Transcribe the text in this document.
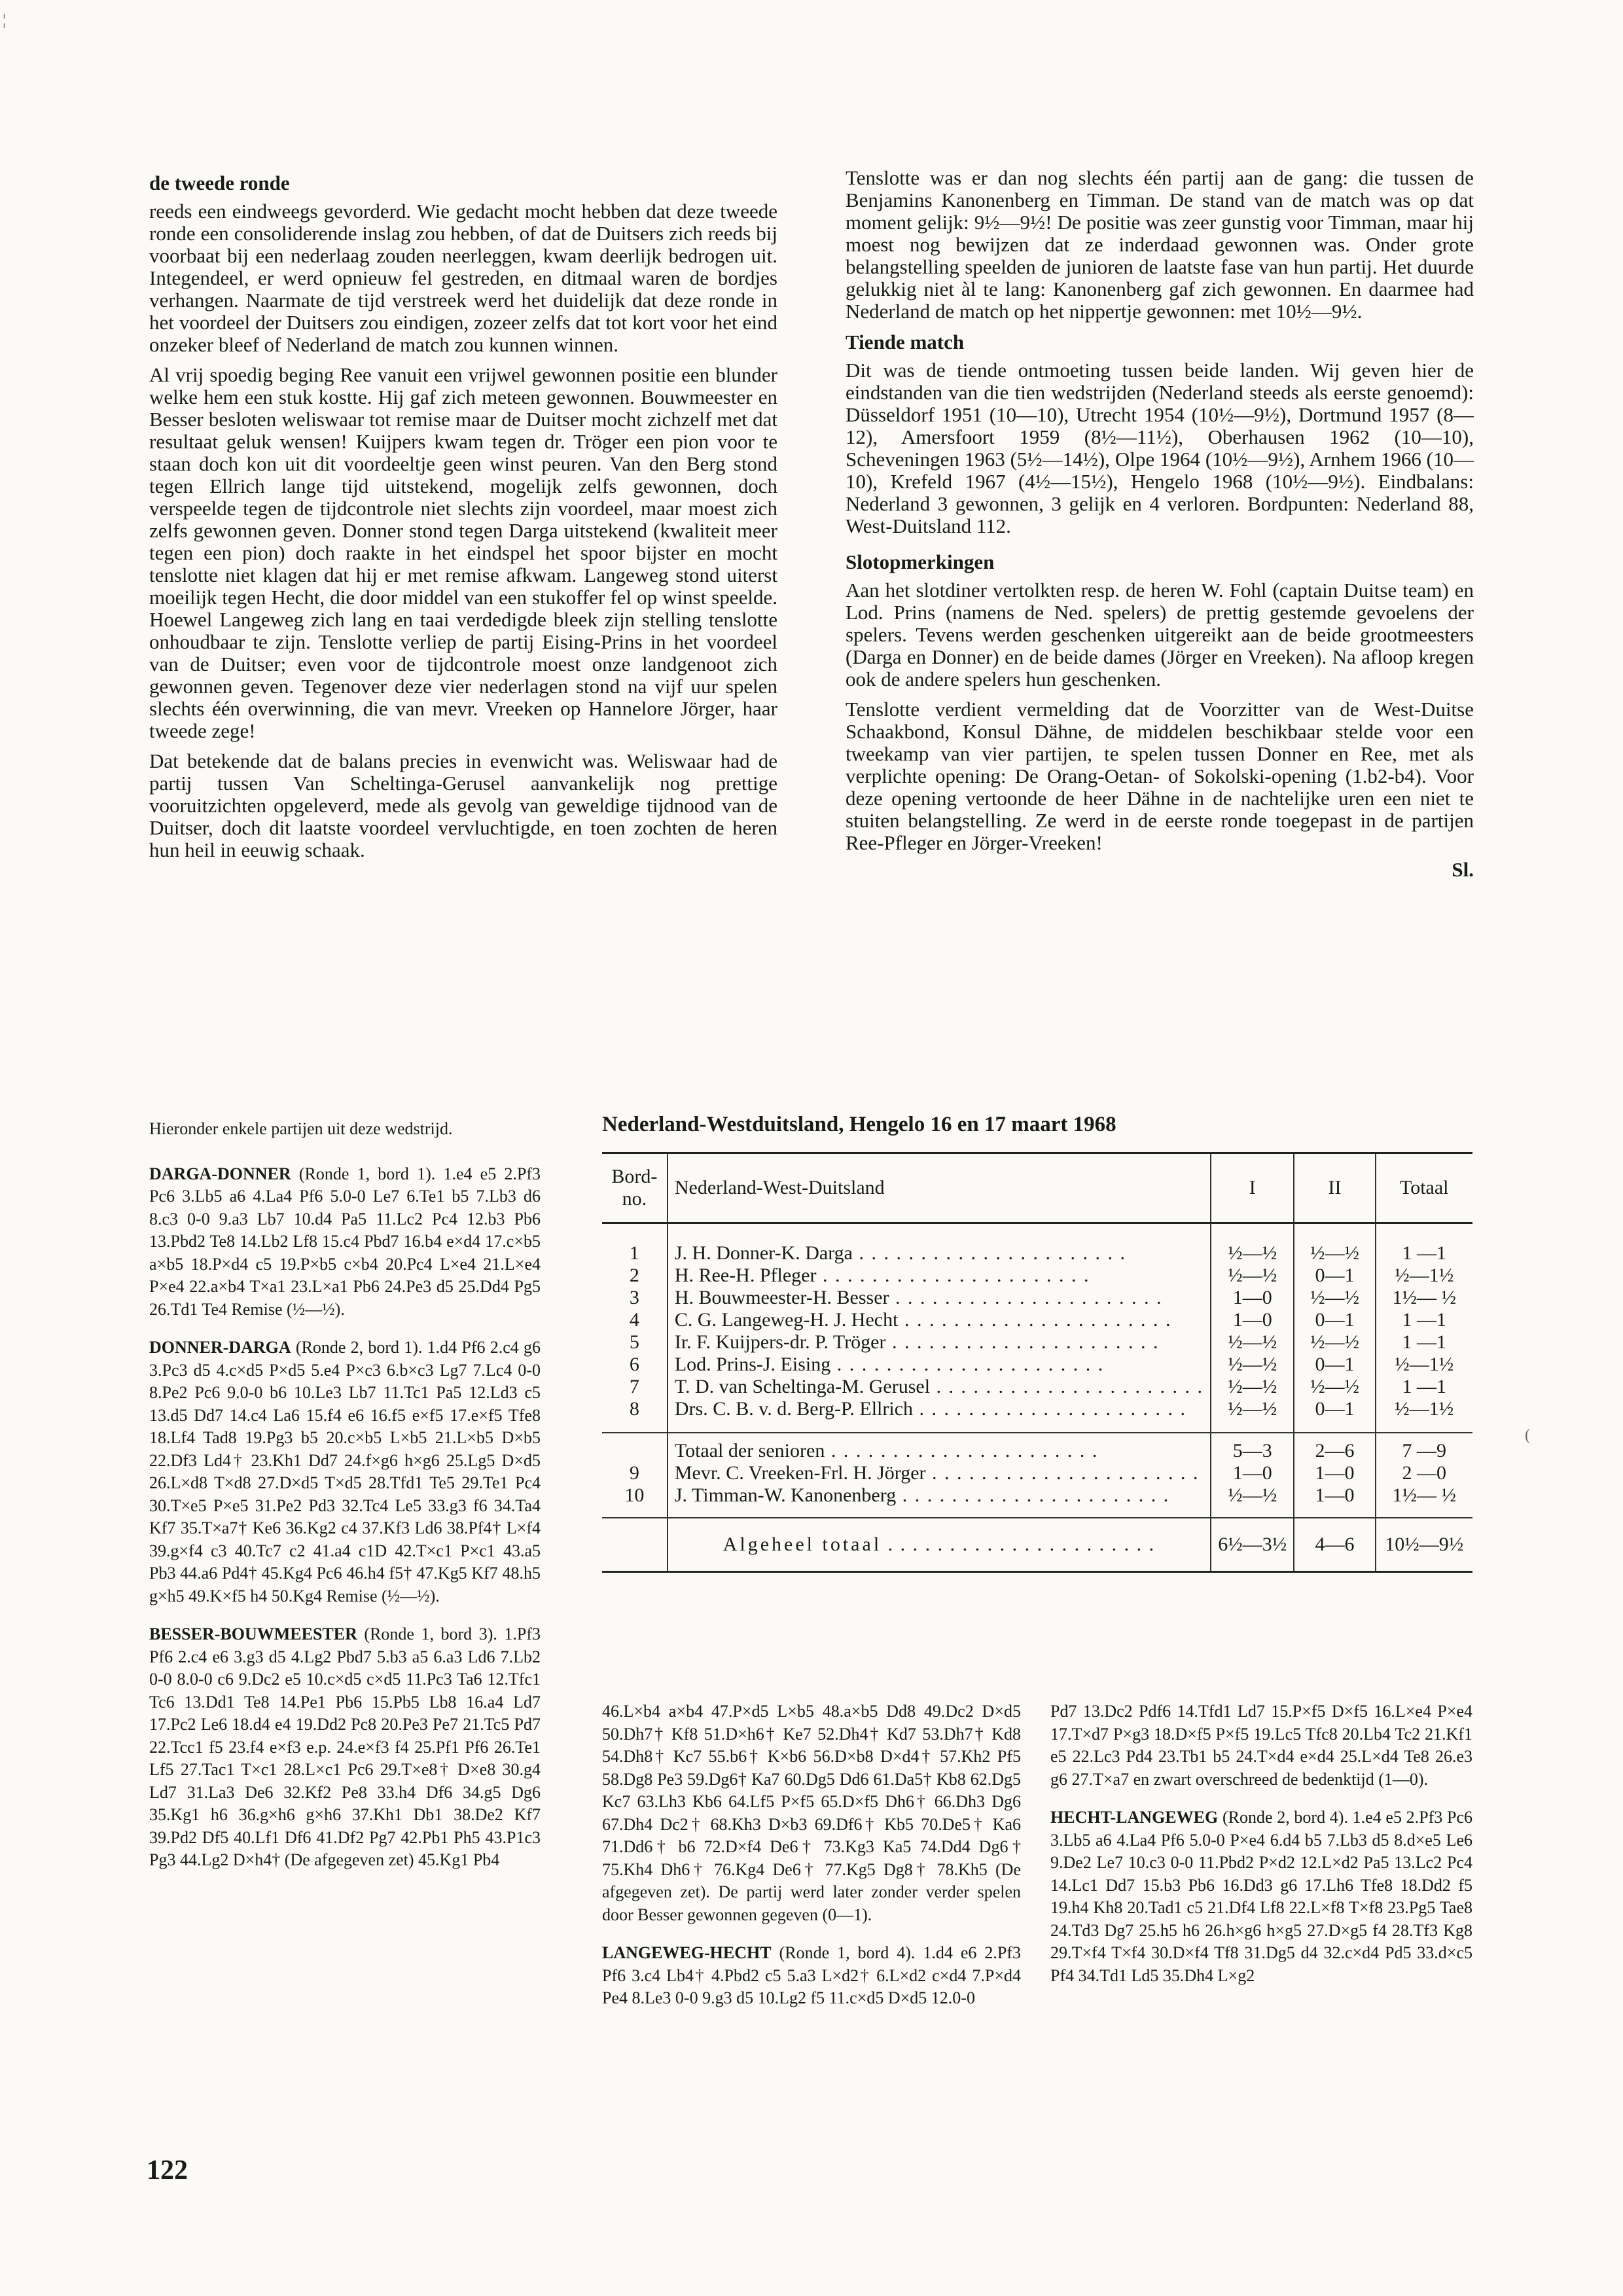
¦
(

de tweede ronde

reeds een eindweegs gevorderd. Wie gedacht mocht hebben dat deze tweede ronde een consoliderende inslag zou hebben, of dat de Duitsers zich reeds bij voorbaat bij een nederlaag zouden neerleggen, kwam deerlijk bedrogen uit. Integendeel, er werd opnieuw fel gestreden, en ditmaal waren de bordjes verhangen. Naarmate de tijd verstreek werd het duidelijk dat deze ronde in het voordeel der Duitsers zou eindigen, zozeer zelfs dat tot kort voor het eind onzeker bleef of Nederland de match zou kunnen winnen.

Al vrij spoedig beging Ree vanuit een vrijwel gewonnen positie een blunder welke hem een stuk kostte. Hij gaf zich meteen gewonnen. Bouwmeester en Besser besloten weliswaar tot remise maar de Duitser mocht zichzelf met dat resultaat geluk wensen! Kuijpers kwam tegen dr. Tröger een pion voor te staan doch kon uit dit voordeeltje geen winst peuren. Van den Berg stond tegen Ellrich lange tijd uitstekend, mogelijk zelfs gewonnen, doch verspeelde tegen de tijdcontrole niet slechts zijn voordeel, maar moest zich zelfs gewonnen geven. Donner stond tegen Darga uitstekend (kwaliteit meer tegen een pion) doch raakte in het eindspel het spoor bijster en mocht tenslotte niet klagen dat hij er met remise afkwam. Langeweg stond uiterst moeilijk tegen Hecht, die door middel van een stukoffer fel op winst speelde. Hoewel Langeweg zich lang en taai verdedigde bleek zijn stelling tenslotte onhoudbaar te zijn. Tenslotte verliep de partij Eising-Prins in het voordeel van de Duitser; even voor de tijdcontrole moest onze landgenoot zich gewonnen geven. Tegenover deze vier nederlagen stond na vijf uur spelen slechts één overwinning, die van mevr. Vreeken op Hannelore Jörger, haar tweede zege!

Dat betekende dat de balans precies in evenwicht was. Weliswaar had de partij tussen Van Scheltinga-Gerusel aanvankelijk nog prettige vooruitzichten opgeleverd, mede als gevolg van geweldige tijdnood van de Duitser, doch dit laatste voordeel vervluchtigde, en toen zochten de heren hun heil in eeuwig schaak.

Tenslotte was er dan nog slechts één partij aan de gang: die tussen de Benjamins Kanonenberg en Timman. De stand van de match was op dat moment gelijk: 9½—9½! De positie was zeer gunstig voor Timman, maar hij moest nog bewijzen dat ze inderdaad gewonnen was. Onder grote belangstelling speelden de junioren de laatste fase van hun partij. Het duurde gelukkig niet àl te lang: Kanonenberg gaf zich gewonnen. En daarmee had Nederland de match op het nippertje gewonnen: met 10½—9½.

Tiende match

Dit was de tiende ontmoeting tussen beide landen. Wij geven hier de eindstanden van die tien wedstrijden (Nederland steeds als eerste genoemd): Düsseldorf 1951 (10—10), Utrecht 1954 (10½—9½), Dortmund 1957 (8—12), Amersfoort 1959 (8½—11½), Oberhausen 1962 (10—10), Scheveningen 1963 (5½—14½), Olpe 1964 (10½—9½), Arnhem 1966 (10—10), Krefeld 1967 (4½—15½), Hengelo 1968 (10½—9½). Eindbalans: Nederland 3 gewonnen, 3 gelijk en 4 verloren. Bordpunten: Nederland 88, West-Duitsland 112.

Slotopmerkingen

Aan het slotdiner vertolkten resp. de heren W. Fohl (captain Duitse team) en Lod. Prins (namens de Ned. spelers) de prettig gestemde gevoelens der spelers. Tevens werden geschenken uitgereikt aan de beide grootmeesters (Darga en Donner) en de beide dames (Jörger en Vreeken). Na afloop kregen ook de andere spelers hun geschenken.

Tenslotte verdient vermelding dat de Voorzitter van de West-Duitse Schaakbond, Konsul Dähne, de middelen beschikbaar stelde voor een tweekamp van vier partijen, te spelen tussen Donner en Ree, met als verplichte opening: De Orang-Oetan- of Sokolski-opening (1.b2-b4). Voor deze opening vertoonde de heer Dähne in de nachtelijke uren een niet te stuiten belangstelling. Ze werd in de eerste ronde toegepast in de partijen Ree-Pfleger en Jörger-Vreeken!

Sl.

Hieronder enkele partijen uit deze wedstrijd.

DARGA-DONNER (Ronde 1, bord 1). 1.e4 e5 2.Pf3 Pc6 3.Lb5 a6 4.La4 Pf6 5.0-0 Le7 6.Te1 b5 7.Lb3 d6 8.c3 0-0 9.a3 Lb7 10.d4 Pa5 11.Lc2 Pc4 12.b3 Pb6 13.Pbd2 Te8 14.Lb2 Lf8 15.c4 Pbd7 16.b4 e×d4 17.c×b5 a×b5 18.P×d4 c5 19.P×b5 c×b4 20.Pc4 L×e4 21.L×e4 P×e4 22.a×b4 T×a1 23.L×a1 Pb6 24.Pe3 d5 25.Dd4 Pg5 26.Td1 Te4 Remise (½—½).

DONNER-DARGA (Ronde 2, bord 1). 1.d4 Pf6 2.c4 g6 3.Pc3 d5 4.c×d5 P×d5 5.e4 P×c3 6.b×c3 Lg7 7.Lc4 0-0 8.Pe2 Pc6 9.0-0 b6 10.Le3 Lb7 11.Tc1 Pa5 12.Ld3 c5 13.d5 Dd7 14.c4 La6 15.f4 e6 16.f5 e×f5 17.e×f5 Tfe8 18.Lf4 Tad8 19.Pg3 b5 20.c×b5 L×b5 21.L×b5 D×b5 22.Df3 Ld4† 23.Kh1 Dd7 24.f×g6 h×g6 25.Lg5 D×d5 26.L×d8 T×d8 27.D×d5 T×d5 28.Tfd1 Te5 29.Te1 Pc4 30.T×e5 P×e5 31.Pe2 Pd3 32.Tc4 Le5 33.g3 f6 34.Ta4 Kf7 35.T×a7† Ke6 36.Kg2 c4 37.Kf3 Ld6 38.Pf4† L×f4 39.g×f4 c3 40.Tc7 c2 41.a4 c1D 42.T×c1 P×c1 43.a5 Pb3 44.a6 Pd4† 45.Kg4 Pc6 46.h4 f5† 47.Kg5 Kf7 48.h5 g×h5 49.K×f5 h4 50.Kg4 Remise (½—½).

BESSER-BOUWMEESTER (Ronde 1, bord 3). 1.Pf3 Pf6 2.c4 e6 3.g3 d5 4.Lg2 Pbd7 5.b3 a5 6.a3 Ld6 7.Lb2 0-0 8.0-0 c6 9.Dc2 e5 10.c×d5 c×d5 11.Pc3 Ta6 12.Tfc1 Tc6 13.Dd1 Te8 14.Pe1 Pb6 15.Pb5 Lb8 16.a4 Ld7 17.Pc2 Le6 18.d4 e4 19.Dd2 Pc8 20.Pe3 Pe7 21.Tc5 Pd7 22.Tcc1 f5 23.f4 e×f3 e.p. 24.e×f3 f4 25.Pf1 Pf6 26.Te1 Lf5 27.Tac1 T×c1 28.L×c1 Pc6 29.T×e8† D×e8 30.g4 Ld7 31.La3 De6 32.Kf2 Pe8 33.h4 Df6 34.g5 Dg6 35.Kg1 h6 36.g×h6 g×h6 37.Kh1 Db1 38.De2 Kf7 39.Pd2 Df5 40.Lf1 Df6 41.Df2 Pg7 42.Pb1 Ph5 43.P1c3 Pg3 44.Lg2 D×h4† (De afgegeven zet) 45.Kg1 Pb4

Nederland-Westduitsland, Hengelo 16 en 17 maart 1968
Bord-
no.	Nederland-West-Duitsland	I	II	Totaal

1	J. H. Donner-K. Darga . . .	½—½	½—½	1 —1
2	H. Ree-H. Pfleger . . .	½—½	0—1	½—1½
3	H. Bouwmeester-H. Besser . . .	1—0	½—½	1½— ½
4	C. G. Langeweg-H. J. Hecht . . .	1—0	0—1	1 —1
5	Ir. F. Kuijpers-dr. P. Tröger . . .	½—½	½—½	1 —1
6	Lod. Prins-J. Eising . . .	½—½	0—1	½—1½
7	T. D. van Scheltinga-M. Gerusel . . .	½—½	½—½	1 —1
8	Drs. C. B. v. d. Berg-P. Ellrich . . .	½—½	0—1	½—1½

	Totaal der senioren . . .	5—3	2—6	7 —9
9	Mevr. C. Vreeken-Frl. H. Jörger . . .	1—0	1—0	2 —0
10	J. Timman-W. Kanonenberg . . .	½—½	1—0	1½— ½

	Algeheel totaal . . .	6½—3½	4—6	10½—9½

46.L×b4 a×b4 47.P×d5 L×b5 48.a×b5 Dd8 49.Dc2 D×d5 50.Dh7† Kf8 51.D×h6† Ke7 52.Dh4† Kd7 53.Dh7† Kd8 54.Dh8† Kc7 55.b6† K×b6 56.D×b8 D×d4† 57.Kh2 Pf5 58.Dg8 Pe3 59.Dg6† Ka7 60.Dg5 Dd6 61.Da5† Kb8 62.Dg5 Kc7 63.Lh3 Kb6 64.Lf5 P×f5 65.D×f5 Dh6† 66.Dh3 Dg6 67.Dh4 Dc2† 68.Kh3 D×b3 69.Df6† Kb5 70.De5† Ka6 71.Dd6† b6 72.D×f4 De6† 73.Kg3 Ka5 74.Dd4 Dg6† 75.Kh4 Dh6† 76.Kg4 De6† 77.Kg5 Dg8† 78.Kh5 (De afgegeven zet). De partij werd later zonder verder spelen door Besser gewonnen gegeven (0—1).

LANGEWEG-HECHT (Ronde 1, bord 4). 1.d4 e6 2.Pf3 Pf6 3.c4 Lb4† 4.Pbd2 c5 5.a3 L×d2† 6.L×d2 c×d4 7.P×d4 Pe4 8.Le3 0-0 9.g3 d5 10.Lg2 f5 11.c×d5 D×d5 12.0-0

Pd7 13.Dc2 Pdf6 14.Tfd1 Ld7 15.P×f5 D×f5 16.L×e4 P×e4 17.T×d7 P×g3 18.D×f5 P×f5 19.Lc5 Tfc8 20.Lb4 Tc2 21.Kf1 e5 22.Lc3 Pd4 23.Tb1 b5 24.T×d4 e×d4 25.L×d4 Te8 26.e3 g6 27.T×a7 en zwart overschreed de bedenktijd (1—0).

HECHT-LANGEWEG (Ronde 2, bord 4). 1.e4 e5 2.Pf3 Pc6 3.Lb5 a6 4.La4 Pf6 5.0-0 P×e4 6.d4 b5 7.Lb3 d5 8.d×e5 Le6 9.De2 Le7 10.c3 0-0 11.Pbd2 P×d2 12.L×d2 Pa5 13.Lc2 Pc4 14.Lc1 Dd7 15.b3 Pb6 16.Dd3 g6 17.Lh6 Tfe8 18.Dd2 f5 19.h4 Kh8 20.Tad1 c5 21.Df4 Lf8 22.L×f8 T×f8 23.Pg5 Tae8 24.Td3 Dg7 25.h5 h6 26.h×g6 h×g5 27.D×g5 f4 28.Tf3 Kg8 29.T×f4 T×f4 30.D×f4 Tf8 31.Dg5 d4 32.c×d4 Pd5 33.d×c5 Pf4 34.Td1 Ld5 35.Dh4 L×g2

122
